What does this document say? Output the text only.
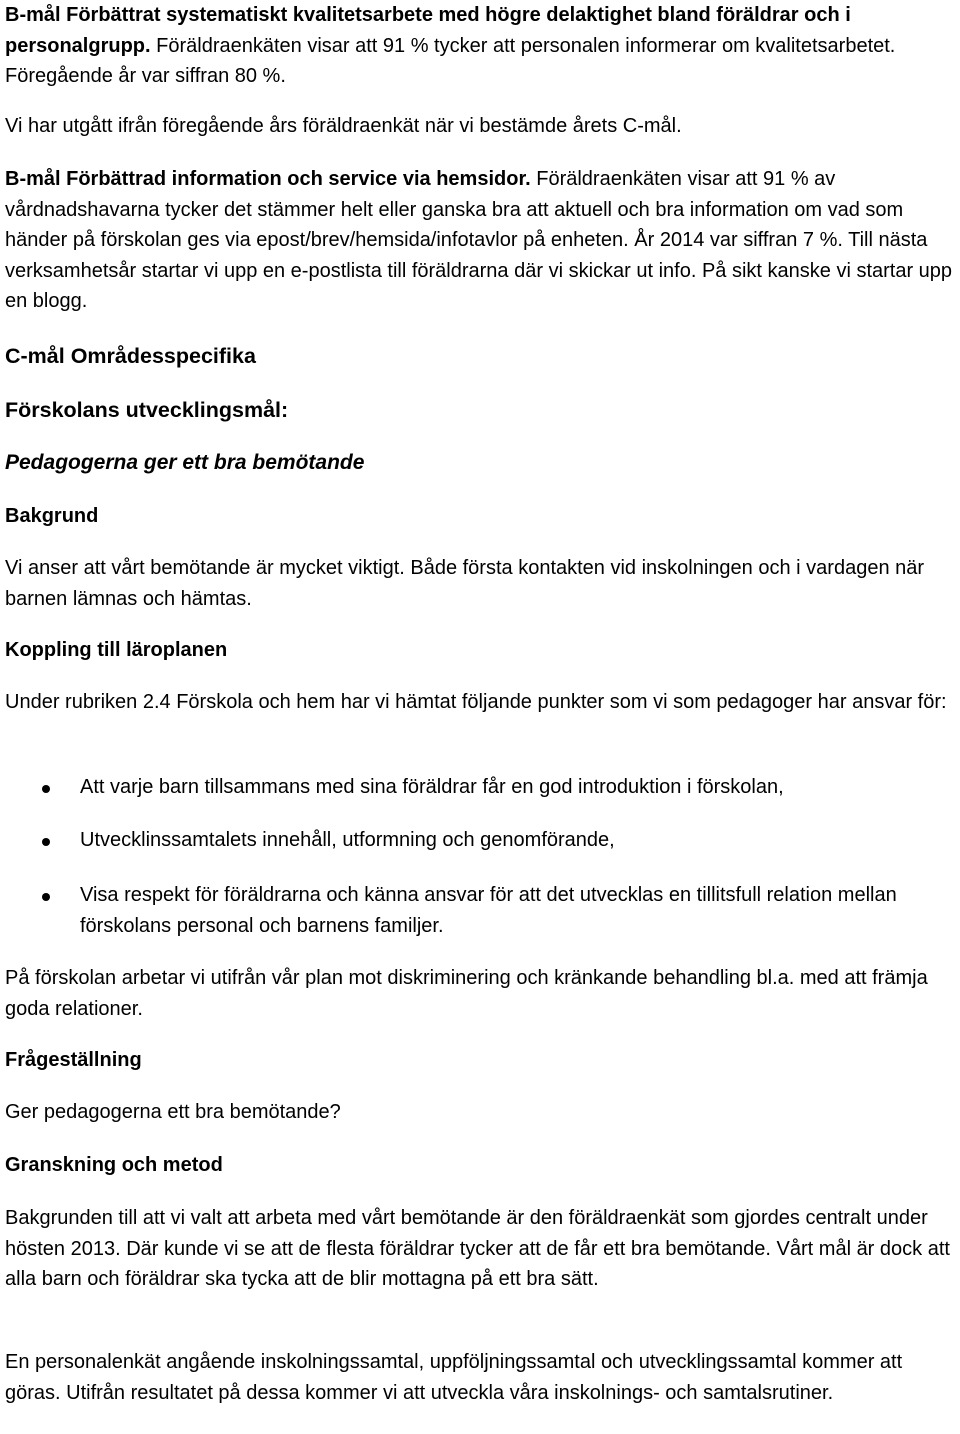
B-mål Förbättrat systematiskt kvalitetsarbete med högre delaktighet bland föräldrar och i personalgrupp. Föräldraenkäten visar att 91 % tycker att personalen informerar om kvalitetsarbetet. Föregående år var siffran 80 %.

Vi har utgått ifrån föregående års föräldraenkät när vi bestämde årets C-mål.

B-mål Förbättrad information och service via hemsidor. Föräldraenkäten visar att 91 % av vårdnadshavarna tycker det stämmer helt eller ganska bra att aktuell och bra information om vad som händer på förskolan ges via epost/brev/hemsida/infotavlor på enheten. År 2014 var siffran 7 %. Till nästa verksamhetsår startar vi upp en e-postlista till föräldrarna där vi skickar ut info. På sikt kanske vi startar upp en blogg.

C-mål Områdesspecifika

Förskolans utvecklingsmål:

Pedagogerna ger ett bra bemötande

Bakgrund

Vi anser att vårt bemötande är mycket viktigt. Både första kontakten vid inskolningen och i vardagen när barnen lämnas och hämtas.

Koppling till läroplanen

Under rubriken 2.4 Förskola och hem har vi hämtat följande punkter som vi som pedagoger har ansvar för:

Att varje barn tillsammans med sina föräldrar får en god introduktion i förskolan,

Utvecklinssamtalets innehåll, utformning och genomförande,

Visa respekt för föräldrarna och känna ansvar för att det utvecklas en tillitsfull relation mellan förskolans personal och barnens familjer.

På förskolan arbetar vi utifrån vår plan mot diskriminering och kränkande behandling bl.a. med att främja goda relationer.

Frågeställning

Ger pedagogerna ett bra bemötande?

Granskning och metod

Bakgrunden till att vi valt att arbeta med vårt bemötande är den föräldraenkät som gjordes centralt under hösten 2013. Där kunde vi se att de flesta föräldrar tycker att de får ett bra bemötande. Vårt mål är dock att alla barn och föräldrar ska tycka att de blir mottagna på ett bra sätt.

En personalenkät angående inskolningssamtal, uppföljningssamtal och utvecklingssamtal kommer att göras. Utifrån resultatet på dessa kommer vi att utveckla våra inskolnings- och samtalsrutiner.
